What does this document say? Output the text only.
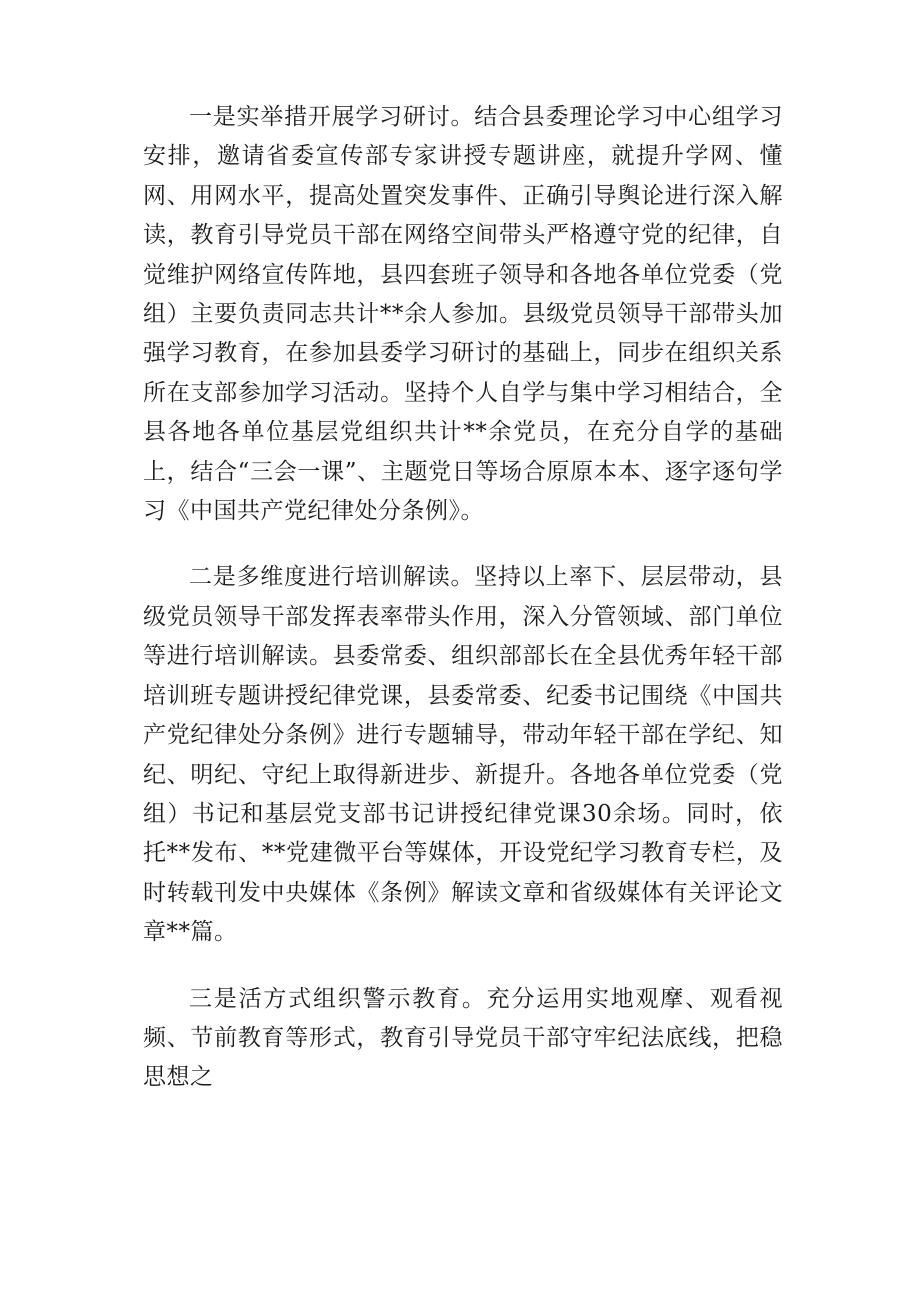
一是实举措开展学习研讨。结合县委理论学习中心组学习安排，邀请省委宣传部专家讲授专题讲座，就提升学网、懂网、用网水平，提高处置突发事件、正确引导舆论进行深入解读，教育引导党员干部在网络空间带头严格遵守党的纪律，自觉维护网络宣传阵地，县四套班子领导和各地各单位党委（党组）主要负责同志共计**余人参加。县级党员领导干部带头加强学习教育，在参加县委学习研讨的基础上，同步在组织关系所在支部参加学习活动。坚持个人自学与集中学习相结合，全县各地各单位基层党组织共计**余党员，在充分自学的基础上，结合“三会一课”、主题党日等场合原原本本、逐字逐句学习《中国共产党纪律处分条例》。

二是多维度进行培训解读。坚持以上率下、层层带动，县级党员领导干部发挥表率带头作用，深入分管领域、部门单位等进行培训解读。县委常委、组织部部长在全县优秀年轻干部培训班专题讲授纪律党课，县委常委、纪委书记围绕《中国共产党纪律处分条例》进行专题辅导，带动年轻干部在学纪、知纪、明纪、守纪上取得新进步、新提升。各地各单位党委（党组）书记和基层党支部书记讲授纪律党课30余场。同时，依托**发布、**党建微平台等媒体，开设党纪学习教育专栏，及时转载刊发中央媒体《条例》解读文章和省级媒体有关评论文章**篇。

三是活方式组织警示教育。充分运用实地观摩、观看视频、节前教育等形式，教育引导党员干部守牢纪法底线，把稳思想之
